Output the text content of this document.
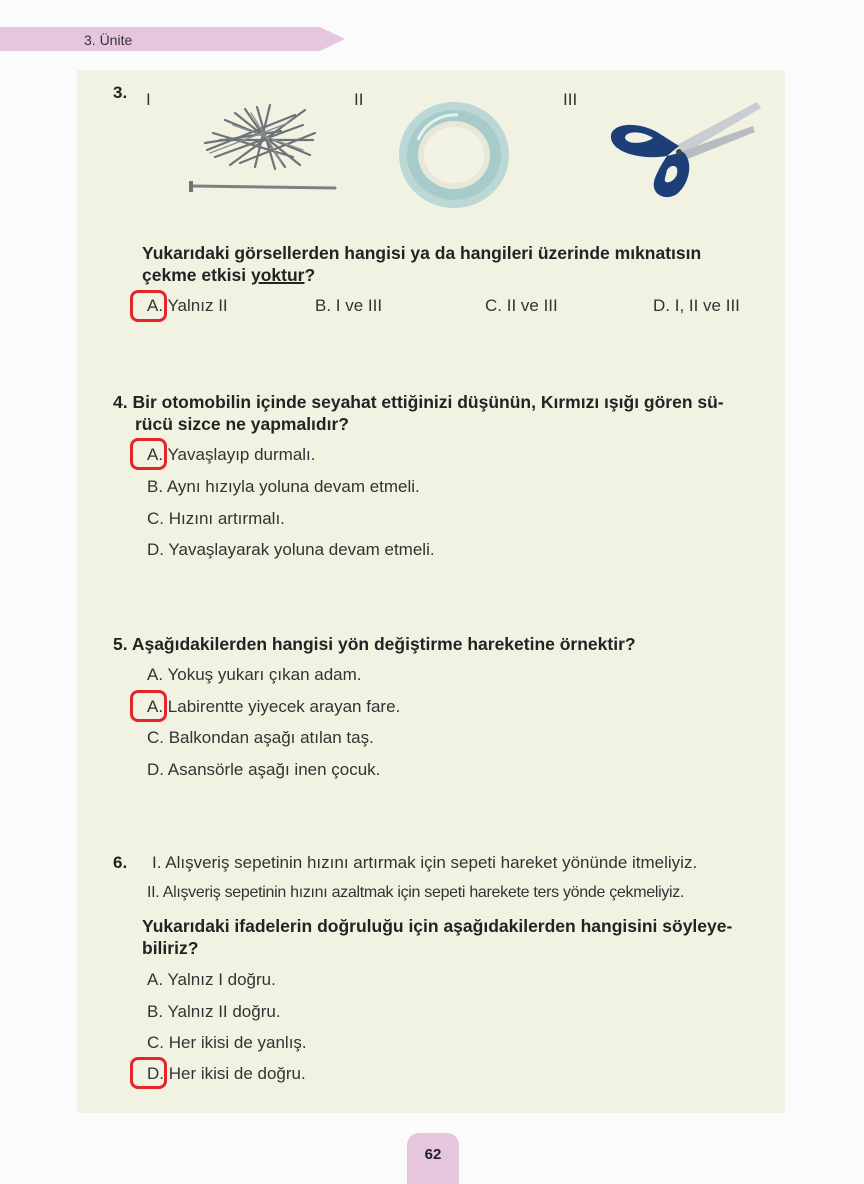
3. Ünite
3. I	II	III
Yukarıdaki görsellerden hangisi ya da hangileri üzerinde mıknatısın
çekme etkisi yoktur?
A. Yalnız II	B. I ve III	C. II ve III	D. I, II ve III
4. Bir otomobilin içinde seyahat ettiğinizi düşünün, Kırmızı ışığı gören sü-
rücü sizce ne yapmalıdır?
A. Yavaşlayıp durmalı.
B. Aynı hızıyla yoluna devam etmeli.
C. Hızını artırmalı.
D. Yavaşlayarak yoluna devam etmeli.
5. Aşağıdakilerden hangisi yön değiştirme hareketine örnektir?
A. Yokuş yukarı çıkan adam.
A. Labirentte yiyecek arayan fare.
C. Balkondan aşağı atılan taş.
D. Asansörle aşağı inen çocuk.
6. I. Alışveriş sepetinin hızını artırmak için sepeti hareket yönünde itmeliyiz.
II. Alışveriş sepetinin hızını azaltmak için sepeti harekete ters yönde çekmeliyiz.
Yukarıdaki ifadelerin doğruluğu için aşağıdakilerden hangisini söyleye-
biliriz?
A. Yalnız I doğru.
B. Yalnız II doğru.
C. Her ikisi de yanlış.
D. Her ikisi de doğru.
62
